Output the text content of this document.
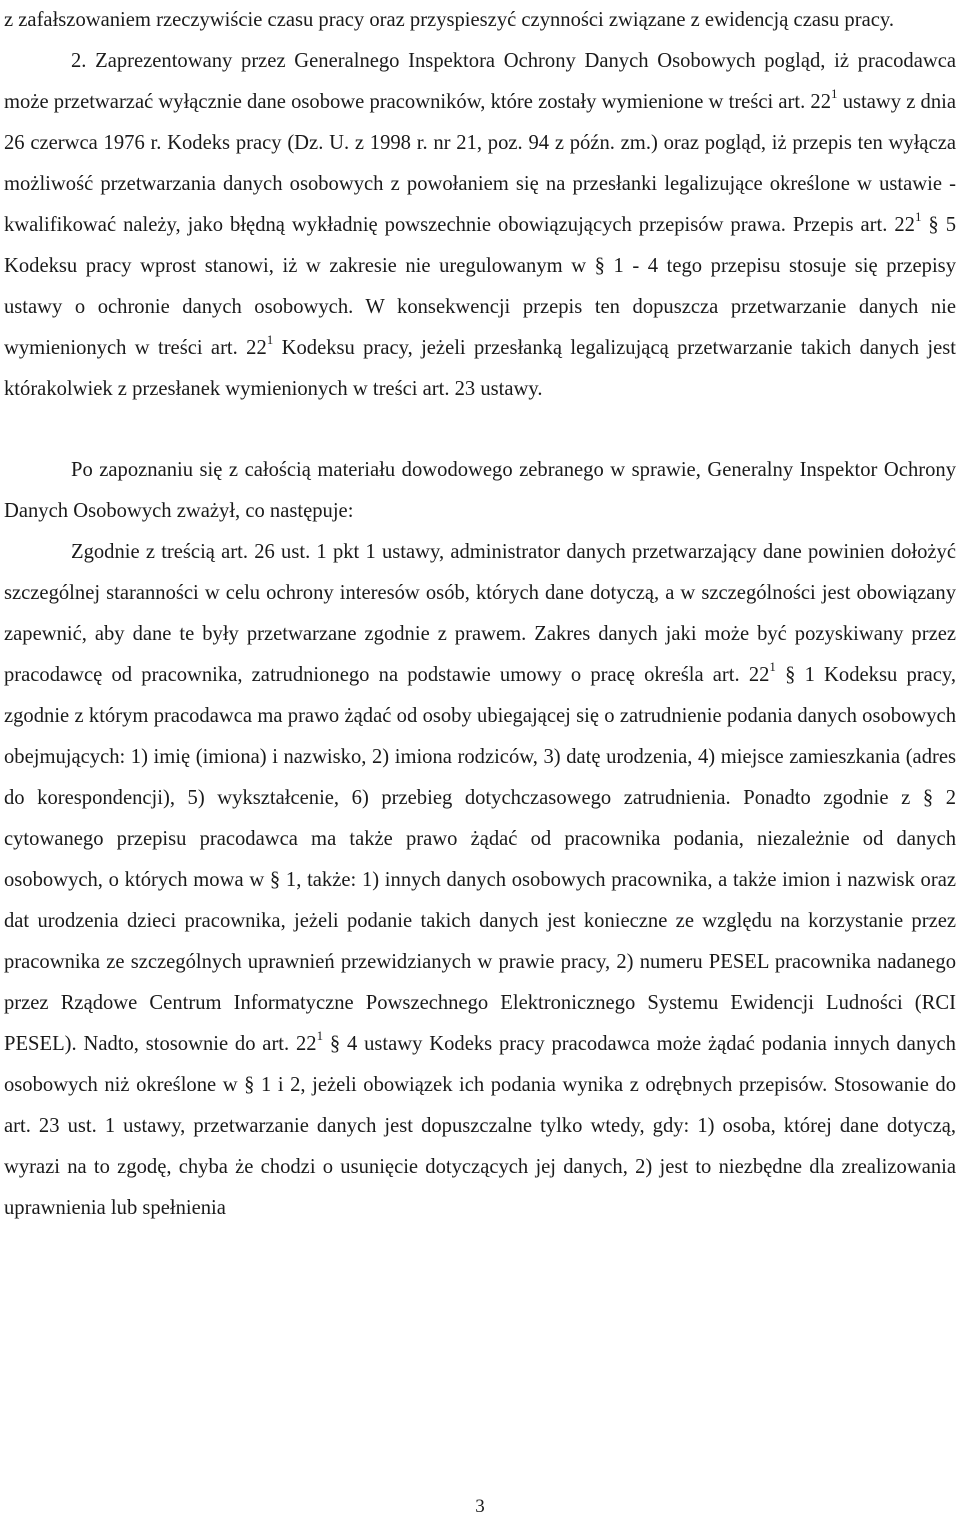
z zafałszowaniem rzeczywiście czasu pracy oraz przyspieszyć czynności związane z ewidencją czasu pracy.

2. Zaprezentowany przez Generalnego Inspektora Ochrony Danych Osobowych pogląd, iż pracodawca może przetwarzać wyłącznie dane osobowe pracowników, które zostały wymienione w treści art. $22^1$ ustawy z dnia 26 czerwca 1976 r. Kodeks pracy (Dz. U. z 1998 r. nr 21, poz. 94 z późn. zm.) oraz pogląd, iż przepis ten wyłącza możliwość przetwarzania danych osobowych z powołaniem się na przesłanki legalizujące określone w ustawie - kwalifikować należy, jako błędną wykładnię powszechnie obowiązujących przepisów prawa. Przepis art. $22^1$ § 5 Kodeksu pracy wprost stanowi, iż w zakresie nie uregulowanym w § 1 - 4 tego przepisu stosuje się przepisy ustawy o ochronie danych osobowych. W konsekwencji przepis ten dopuszcza przetwarzanie danych nie wymienionych w treści art. $22^1$ Kodeksu pracy, jeżeli przesłanką legalizującą przetwarzanie takich danych jest którakolwiek z przesłanek wymienionych w treści art. 23 ustawy.

Po zapoznaniu się z całością materiału dowodowego zebranego w sprawie, Generalny Inspektor Ochrony Danych Osobowych zważył, co następuje:

Zgodnie z treścią art. 26 ust. 1 pkt 1 ustawy, administrator danych przetwarzający dane powinien dołożyć szczególnej staranności w celu ochrony interesów osób, których dane dotyczą, a w szczególności jest obowiązany zapewnić, aby dane te były przetwarzane zgodnie z prawem. Zakres danych jaki może być pozyskiwany przez pracodawcę od pracownika, zatrudnionego na podstawie umowy o pracę określa art. $22^1$ § 1 Kodeksu pracy, zgodnie z którym pracodawca ma prawo żądać od osoby ubiegającej się o zatrudnienie podania danych osobowych obejmujących: 1) imię (imiona) i nazwisko, 2) imiona rodziców, 3) datę urodzenia, 4) miejsce zamieszkania (adres do korespondencji), 5) wykształcenie, 6) przebieg dotychczasowego zatrudnienia. Ponadto zgodnie z § 2 cytowanego przepisu pracodawca ma także prawo żądać od pracownika podania, niezależnie od danych osobowych, o których mowa w § 1, także: 1) innych danych osobowych pracownika, a także imion i nazwisk oraz dat urodzenia dzieci pracownika, jeżeli podanie takich danych jest konieczne ze względu na korzystanie przez pracownika ze szczególnych uprawnień przewidzianych w prawie pracy, 2) numeru PESEL pracownika nadanego przez Rządowe Centrum Informatyczne Powszechnego Elektronicznego Systemu Ewidencji Ludności (RCI PESEL). Nadto, stosownie do art. $22^1$ § 4 ustawy Kodeks pracy pracodawca może żądać podania innych danych osobowych niż określone w § 1 i 2, jeżeli obowiązek ich podania wynika z odrębnych przepisów. Stosowanie do art. 23 ust. 1 ustawy, przetwarzanie danych jest dopuszczalne tylko wtedy, gdy: 1) osoba, której dane dotyczą, wyrazi na to zgodę, chyba że chodzi o usunięcie dotyczących jej danych, 2) jest to niezbędne dla zrealizowania uprawnienia lub spełnienia

3
